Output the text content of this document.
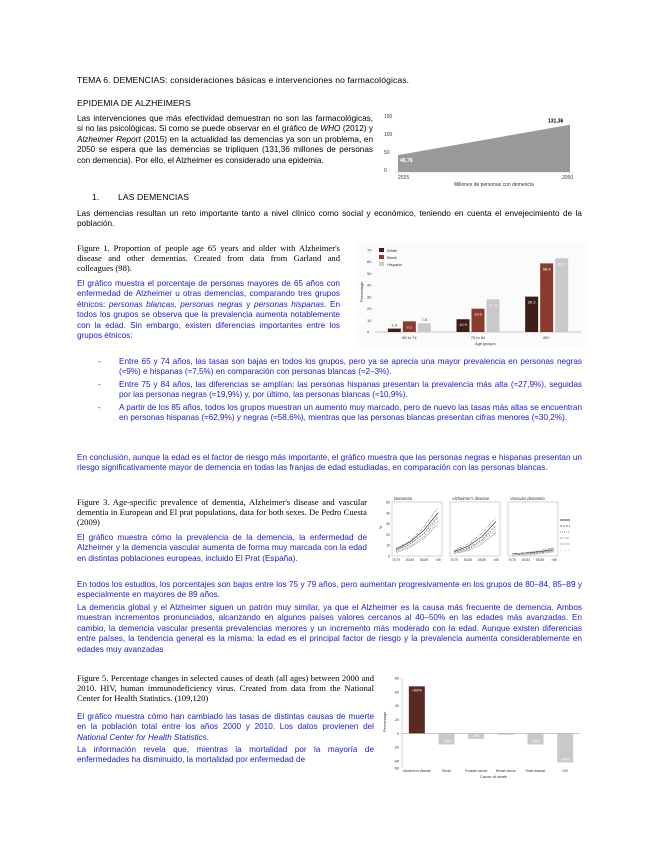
TEMA 6. DEMENCIAS: consideraciones básicas e intervenciones no farmacológicas.
EPIDEMIA DE ALZHEIMERS

Las intervenciones que más efectividad demuestran no son las farmacológicas, si no las psicológicas. Si como se puede observar en el gráfico de WHO (2012) y Alzheimer Report (2015) en la actualidad las demencias ya son un problema, en 2050 se espera que las demencias se tripliquen (131,36 millones de personas con demencia). Por ello, el Alzheimer es considerado una epidemia.

150
100
50
0
46,78
131,36
2015	2050
Millones de personas con demencia
1. LAS DEMENCIAS

Las demencias resultan un reto importante tanto a nivel clínico como social y económico, teniendo en cuenta el envejecimiento de la población.

Figure 1. Proportion of people age 65 years and older with Alzheimer's disease and other dementias. Created from data from Garland and colleagues (98).

El gráfico muestra el porcentaje de personas mayores de 65 años con enfermedad de Alzheimer u otras demencias, comparando tres grupos étnicos: personas blancas, personas negras y personas hispanas. En todos los grupos se observa que la prevalencia aumenta notablemente con la edad. Sin embargo, existen diferencias importantes entre los grupos étnicos:

70
60
50
40
30
20
10
0
Percentage
2.9 9.1
7.5
10.9
19.9
27.9
30.2
58.6
62.9
White
Black
Hispanic
65 to 74	75 to 84	85+
Age groups
- Entre 65 y 74 años, las tasas son bajas en todos los grupos, pero ya se aprecia una mayor prevalencia en personas negras (≈9%) e hispanas (≈7,5%) en comparación con personas blancas (≈2–3%).
- Entre 75 y 84 años, las diferencias se amplían: las personas hispanas presentan la prevalencia más alta (≈27,9%), seguidas por las personas negras (≈19,9%) y, por último, las personas blancas (≈10,9%).
- A partir de los 85 años, todos los grupos muestran un aumento muy marcado, pero de nuevo las tasas más altas se encuentran en personas hispanas (≈62,9%) y negras (≈58,6%), mientras que las personas blancas presentan cifras menores (≈30,2%).

En conclusión, aunque la edad es el factor de riesgo más importante, el gráfico muestra que las personas negras e hispanas presentan un riesgo significativamente mayor de demencia en todas las franjas de edad estudiadas, en comparación con las personas blancas.

Figure 3. Age-specific prevalence of dementia, Alzheimer's disease and vascular dementia in European and El prat populations, data for both sexes. De Pedro Cuesta (2009)

El gráfico muestra cómo la prevalencia de la demencia, la enfermedad de Alzheimer y la demencia vascular aumenta de forma muy marcada con la edad en distintas poblaciones europeas, incluido El Prat (España).

Dementia
50
40
30
20
10
0
%
75-79 80-84 85-89 >89
Alzheimer's disease
75-79 80-84 85-89 >89
Vascular dementia
75-79 80-84 85-89 >89

En todos los estudios, los porcentajes son bajos entre los 75 y 79 años, pero aumentan progresivamente en los grupos de 80–84, 85–89 y especialmente en mayores de 89 años.

La demencia global y el Alzheimer siguen un patrón muy similar, ya que el Alzheimer es la causa más frecuente de demencia. Ambos muestran incrementos pronunciados, alcanzando en algunos países valores cercanos al 40–50% en las edades más avanzadas. En cambio, la demencia vascular presenta prevalencias menores y un incremento más moderado con la edad. Aunque existen diferencias entre países, la tendencia general es la misma: la edad es el principal factor de riesgo y la prevalencia aumenta considerablemente en edades muy avanzadas

Figure 5. Percentage changes in selected causes of death (all ages) between 2000 and 2010. HIV, human immunodeficiency virus. Created from data from the National Center for Health Statistics. (109,120)

El gráfico muestra cómo han cambiado las tasas de distintas causas de muerte en la población total entre los años 2000 y 2010. Los datos provienen del National Center for Health Statistics.

La información revela que, mientras la mortalidad por la mayoría de enfermedades ha disminuido, la mortalidad por enfermedad de

80
60
40
20
0
-20
-40
-50
Percentage
+68%
-16%
-8%
-2%
-16%
-42%
Alzheimer's disease	Stroke	Prostate cancer	Breast cancer	Heart disease	HIV
Cause of death
